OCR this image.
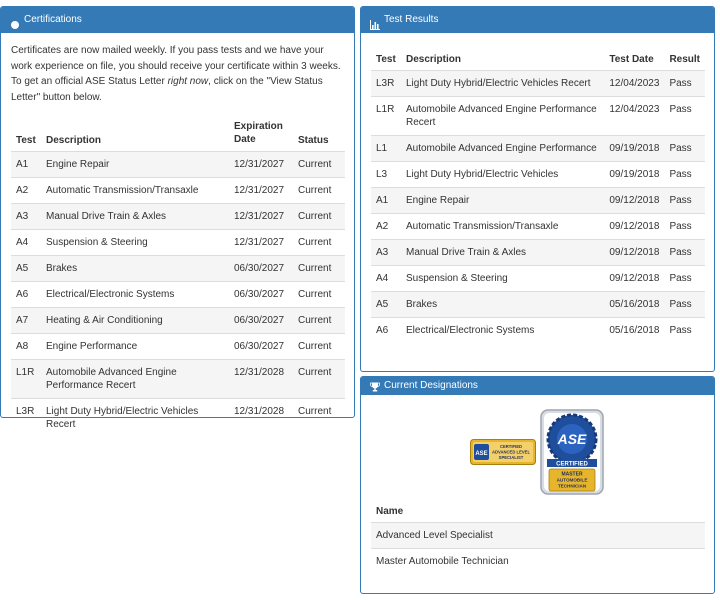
Certifications

Certificates are now mailed weekly. If you pass tests and we have your work experience on file, you should receive your certificate within 3 weeks. To get an official ASE Status Letter right now, click on the "View Status Letter" button below.

Test	Description	Expiration Date	Status
A1	Engine Repair	12/31/2027	Current
A2	Automatic Transmission/Transaxle	12/31/2027	Current
A3	Manual Drive Train & Axles	12/31/2027	Current
A4	Suspension & Steering	12/31/2027	Current
A5	Brakes	06/30/2027	Current
A6	Electrical/Electronic Systems	06/30/2027	Current
A7	Heating & Air Conditioning	06/30/2027	Current
A8	Engine Performance	06/30/2027	Current
L1R	Automobile Advanced Engine Performance Recert	12/31/2028	Current
L3R	Light Duty Hybrid/Electric Vehicles Recert	12/31/2028	Current
Test Results
Test	Description	Test Date	Result
L3R	Light Duty Hybrid/Electric Vehicles Recert	12/04/2023	Pass
L1R	Automobile Advanced Engine Performance Recert	12/04/2023	Pass
L1	Automobile Advanced Engine Performance	09/19/2018	Pass
L3	Light Duty Hybrid/Electric Vehicles	09/19/2018	Pass
A1	Engine Repair	09/12/2018	Pass
A2	Automatic Transmission/Transaxle	09/12/2018	Pass
A3	Manual Drive Train & Axles	09/12/2018	Pass
A4	Suspension & Steering	09/12/2018	Pass
A5	Brakes	05/16/2018	Pass
A6	Electrical/Electronic Systems	05/16/2018	Pass
Current Designations
ASE
CERTIFIED
ADVANCED LEVEL
SPECIALIST
ASE
CERTIFIED
MASTER
AUTOMOBILE
TECHNICIAN
Name
Advanced Level Specialist
Master Automobile Technician
